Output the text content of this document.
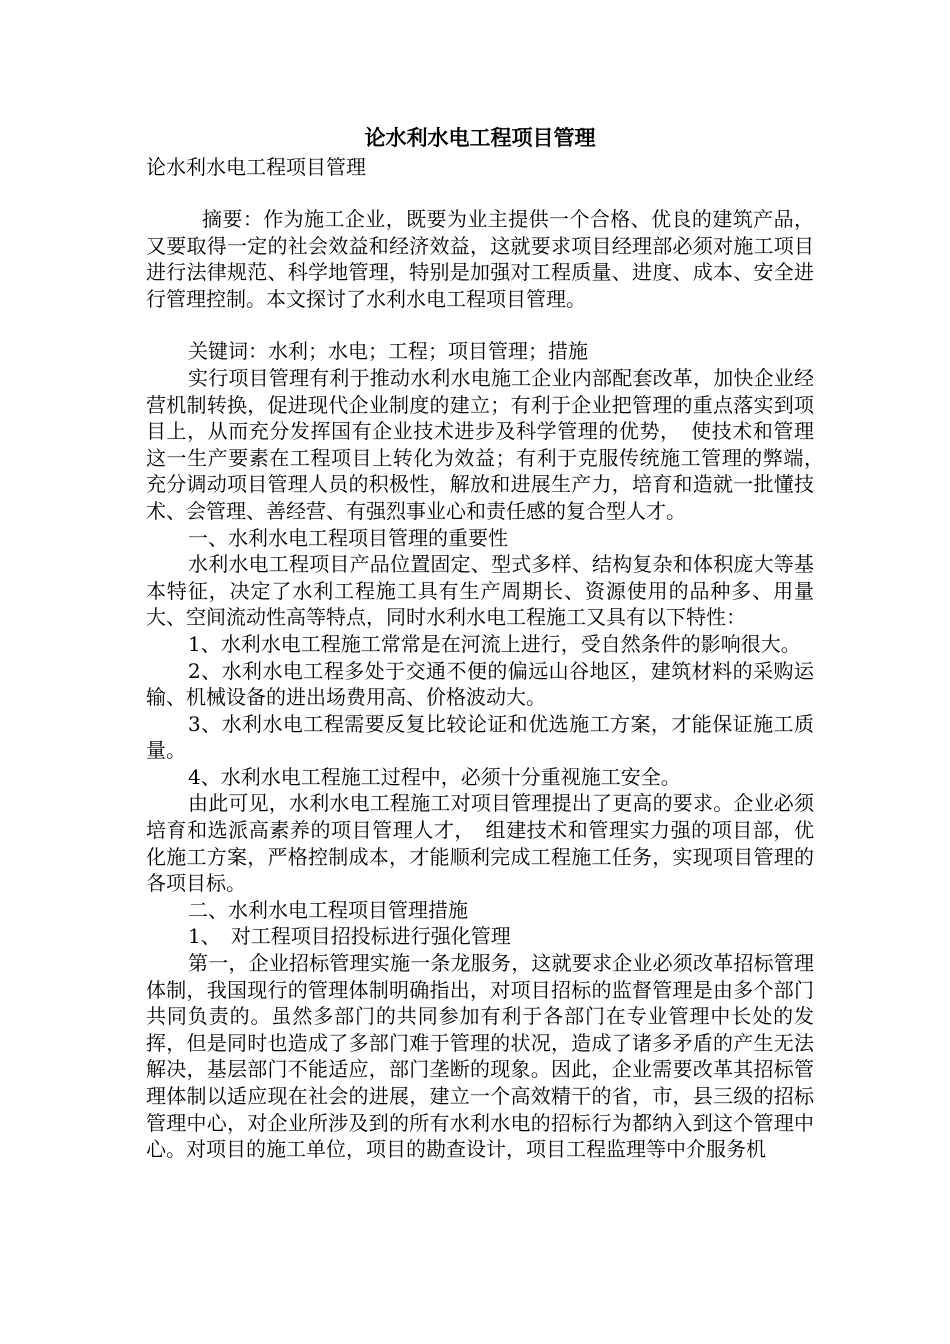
论水利水电工程项目管理
论水利水电工程项目管理

摘要：作为施工企业，既要为业主提供一个合格、优良的建筑产品，又要取得一定的社会效益和经济效益，这就要求项目经理部必须对施工项目进行法律规范、科学地管理，特别是加强对工程质量、进度、成本、安全进行管理控制。本文探讨了水利水电工程项目管理。

关键词：水利；水电；工程；项目管理；措施

实行项目管理有利于推动水利水电施工企业内部配套改革，加快企业经营机制转换，促进现代企业制度的建立；有利于企业把管理的重点落实到项目上，从而充分发挥国有企业技术进步及科学管理的优势，　使技术和管理这一生产要素在工程项目上转化为效益；有利于克服传统施工管理的弊端，　充分调动项目管理人员的积极性，解放和进展生产力，培育和造就一批懂技术、会管理、善经营、有强烈事业心和责任感的复合型人才。

一、水利水电工程项目管理的重要性

水利水电工程项目产品位置固定、型式多样、结构复杂和体积庞大等基本特征，决定了水利工程施工具有生产周期长、资源使用的品种多、用量大、空间流动性高等特点，同时水利水电工程施工又具有以下特性：

1、水利水电工程施工常常是在河流上进行，受自然条件的影响很大。

2、水利水电工程多处于交通不便的偏远山谷地区，建筑材料的采购运输、机械设备的进出场费用高、价格波动大。

3、水利水电工程需要反复比较论证和优选施工方案，才能保证施工质量。

4、水利水电工程施工过程中，必须十分重视施工安全。

由此可见，水利水电工程施工对项目管理提出了更高的要求。企业必须培育和选派高素养的项目管理人才，　组建技术和管理实力强的项目部，优化施工方案，严格控制成本，才能顺利完成工程施工任务，实现项目管理的各项目标。

二、水利水电工程项目管理措施

1、　对工程项目招投标进行强化管理

第一，企业招标管理实施一条龙服务，这就要求企业必须改革招标管理体制，我国现行的管理体制明确指出，对项目招标的监督管理是由多个部门共同负责的。虽然多部门的共同参加有利于各部门在专业管理中长处的发挥，但是同时也造成了多部门难于管理的状况，造成了诸多矛盾的产生无法解决，基层部门不能适应，部门垄断的现象。因此，企业需要改革其招标管理体制以适应现在社会的进展，建立一个高效精干的省，市，县三级的招标管理中心，对企业所涉及到的所有水利水电的招标行为都纳入到这个管理中心。对项目的施工单位，项目的勘查设计，项目工程监理等中介服务机
